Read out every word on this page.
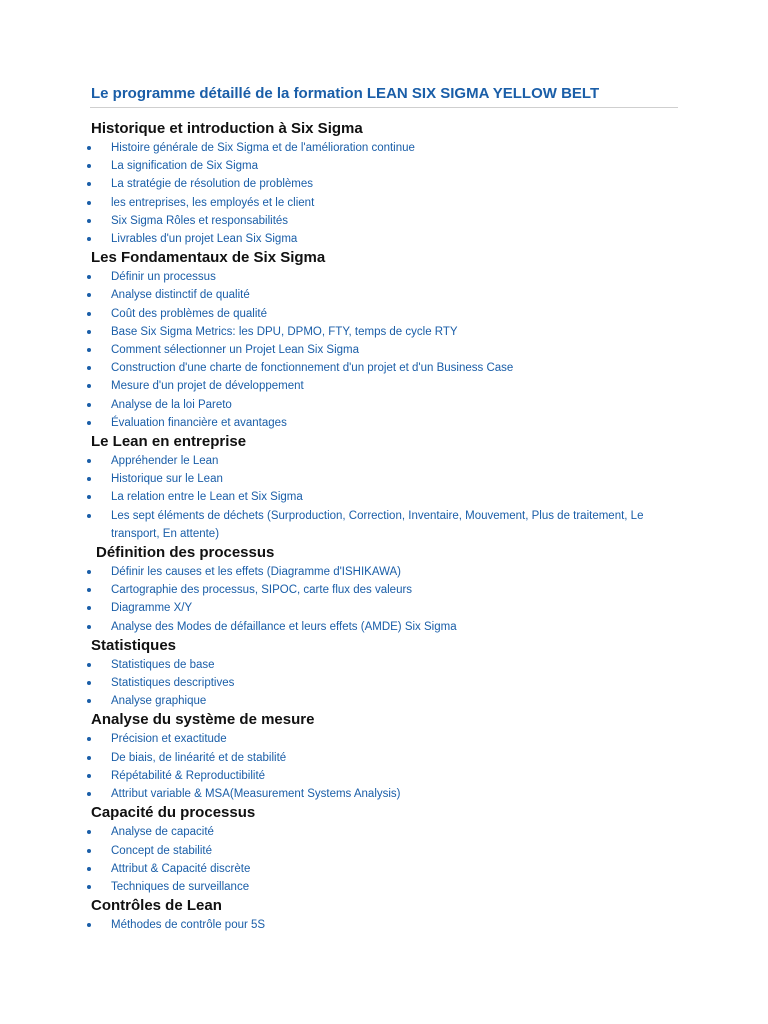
Le programme détaillé de la formation LEAN SIX SIGMA YELLOW BELT
Historique et introduction à Six Sigma
Histoire générale de Six Sigma et de l'amélioration continue
La signification de Six Sigma
La stratégie de résolution de problèmes
les entreprises, les employés et le client
Six Sigma Rôles et responsabilités
Livrables d'un projet Lean Six Sigma
Les Fondamentaux de Six Sigma
Définir un processus
Analyse distinctif de qualité
Coût des problèmes de qualité
Base Six Sigma Metrics: les DPU, DPMO, FTY, temps de cycle RTY
Comment sélectionner un Projet Lean Six Sigma
Construction d'une charte de fonctionnement d'un projet et d'un Business Case
Mesure d'un projet de développement
Analyse de la loi Pareto
Évaluation financière et avantages
Le Lean en entreprise
Appréhender le Lean
Historique sur le Lean
La relation entre le Lean et Six Sigma
Les sept éléments de déchets (Surproduction, Correction, Inventaire, Mouvement, Plus de traitement, Le transport, En attente)
Définition des processus
Définir les causes et les effets (Diagramme d'ISHIKAWA)
Cartographie des processus, SIPOC, carte flux des valeurs
Diagramme X/Y
Analyse des Modes de défaillance et leurs effets (AMDE) Six Sigma
Statistiques
Statistiques de base
Statistiques descriptives
Analyse graphique
Analyse du système de mesure
Précision et exactitude
De biais, de linéarité et de stabilité
Répétabilité & Reproductibilité
Attribut variable & MSA(Measurement Systems Analysis)
Capacité du processus
Analyse de capacité
Concept de stabilité
Attribut & Capacité discrète
Techniques de surveillance
Contrôles de Lean
Méthodes de contrôle pour 5S
